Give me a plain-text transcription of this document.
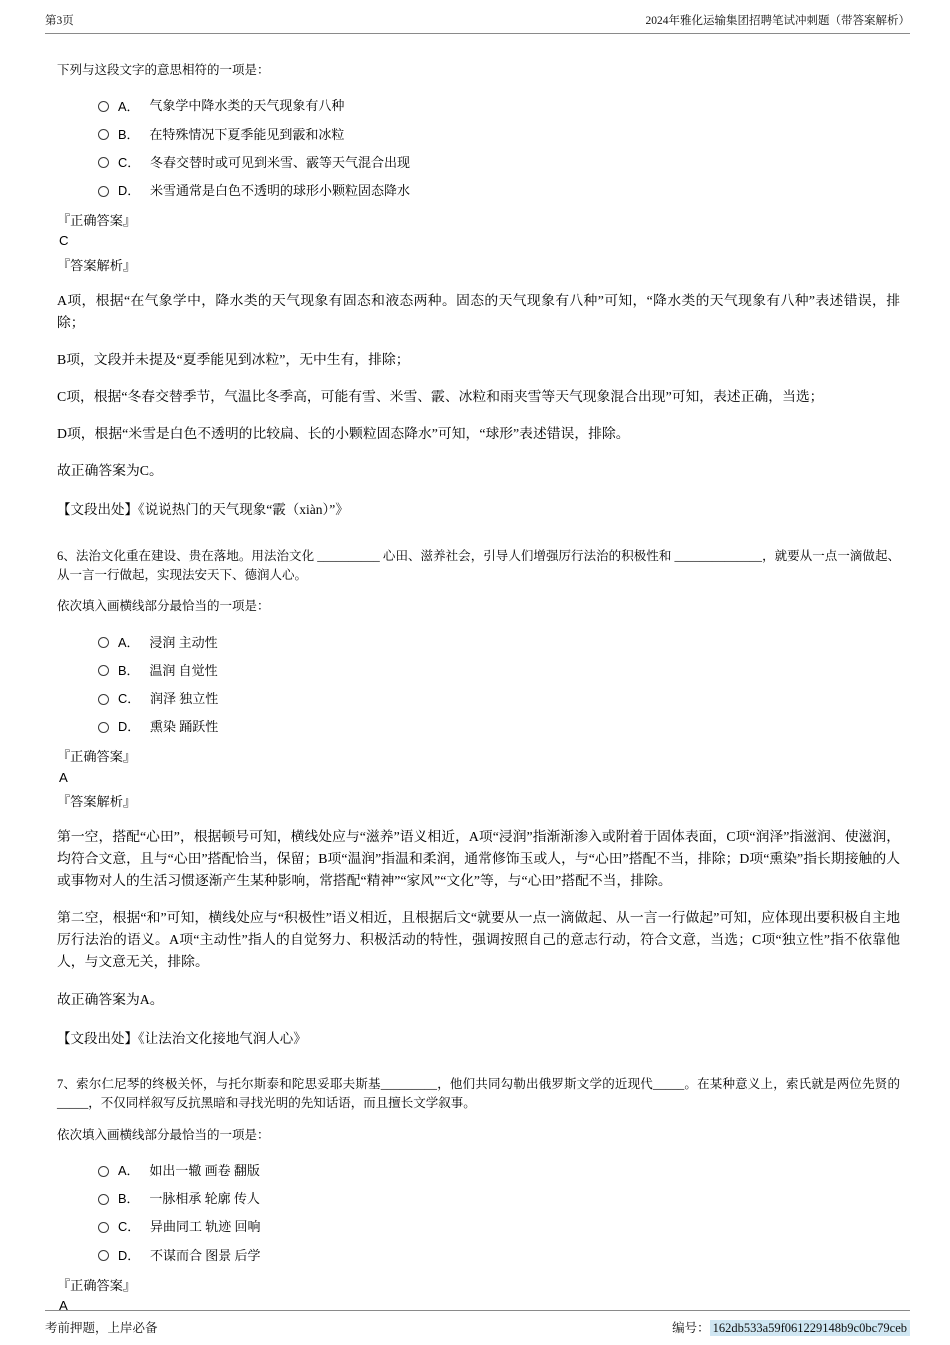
第3页	2024年雅化运输集团招聘笔试冲刺题（带答案解析）
下列与这段文字的意思相符的一项是：
A． 气象学中降水类的天气现象有八种
B． 在特殊情况下夏季能见到霰和冰粒
C． 冬春交替时或可见到米雪、霰等天气混合出现
D． 米雪通常是白色不透明的球形小颗粒固态降水
『正确答案』
C
『答案解析』
A项，根据“在气象学中，降水类的天气现象有固态和液态两种。固态的天气现象有八种”可知，“降水类的天气现象有八种”表述错误，排除；
B项，文段并未提及“夏季能见到冰粒”，无中生有，排除；
C项，根据“冬春交替季节，气温比冬季高，可能有雪、米雪、霰、冰粒和雨夹雪等天气现象混合出现”可知，表述正确，当选；
D项，根据“米雪是白色不透明的比较扁、长的小颗粒固态降水”可知，“球形”表述错误，排除。
故正确答案为C。
【文段出处】《说说热门的天气现象“霰（xiàn）”》
6、法治文化重在建设、贵在落地。用法治文化 __________ 心田、滋养社会，引导人们增强厉行法治的积极性和 ______________，就要从一点一滴做起、从一言一行做起，实现法安天下、德润人心。
依次填入画横线部分最恰当的一项是：
A． 浸润 主动性
B． 温润 自觉性
C． 润泽 独立性
D． 熏染 踊跃性
『正确答案』
A
『答案解析』
第一空，搭配“心田”，根据顿号可知，横线处应与“滋养”语义相近，A项“浸润”指渐渐渗入或附着于固体表面，C项“润泽”指滋润、使滋润，均符合文意，且与“心田”搭配恰当，保留；B项“温润”指温和柔润，通常修饰玉或人，与“心田”搭配不当，排除；D项“熏染”指长期接触的人或事物对人的生活习惯逐渐产生某种影响，常搭配“精神”“家风”“文化”等，与“心田”搭配不当，排除。
第二空，根据“和”可知，横线处应与“积极性”语义相近，且根据后文“就要从一点一滴做起、从一言一行做起”可知，应体现出要积极自主地厉行法治的语义。A项“主动性”指人的自觉努力、积极活动的特性，强调按照自己的意志行动，符合文意，当选；C项“独立性”指不依靠他人，与文意无关，排除。
故正确答案为A。
【文段出处】《让法治文化接地气润人心》
7、索尔仁尼琴的终极关怀，与托尔斯泰和陀思妥耶夫斯基_________，他们共同勾勒出俄罗斯文学的近现代_____。在某种意义上，索氏就是两位先贤的_____，不仅同样叙写反抗黑暗和寻找光明的先知话语，而且擅长文学叙事。
依次填入画横线部分最恰当的一项是：
A． 如出一辙 画卷 翻版
B． 一脉相承 轮廓 传人
C． 异曲同工 轨迹 回响
D． 不谋而合 图景 后学
『正确答案』
A
考前押题，上岸必备	编号： 162db533a59f061229148b9c0bc79ceb
